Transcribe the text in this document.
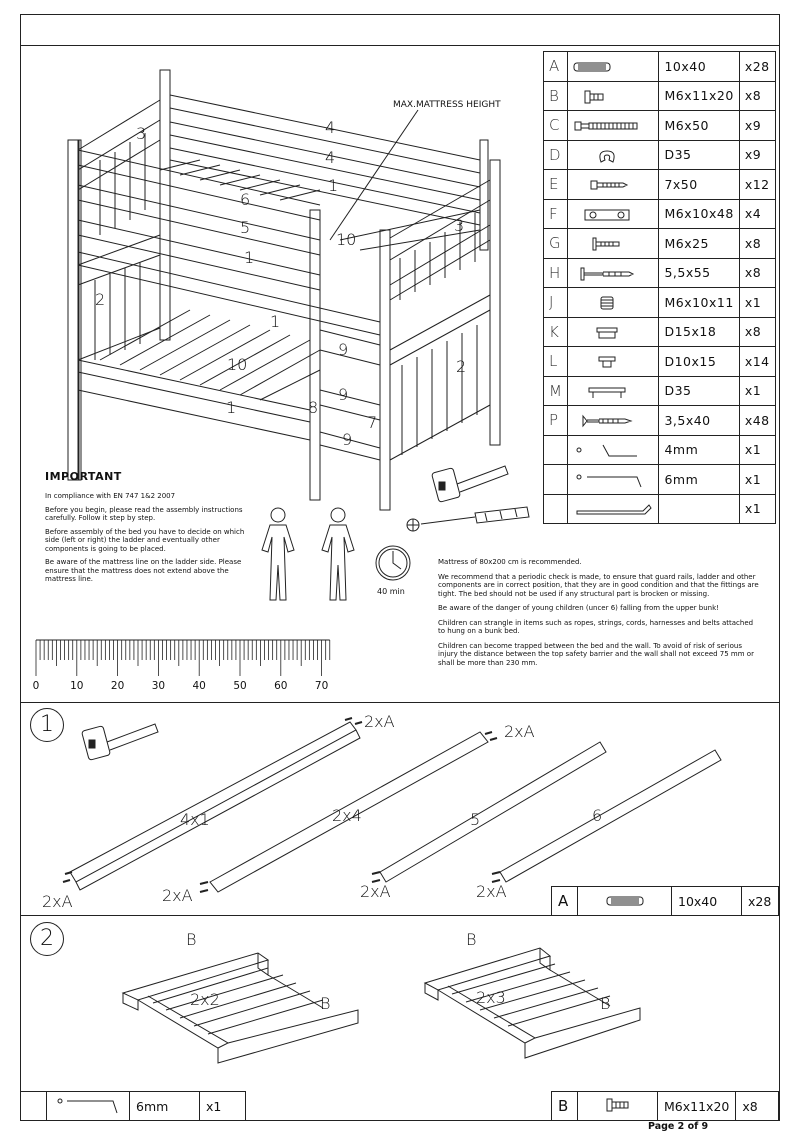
A		10x40	x28
B		M6x11x20	x8
C		M6x50	x9
D		D35	x9
E		7x50	x12
F		M6x10x48	x4
G		M6x25	x8
H		5,5x55	x8
J		M6x10x11	x1
K		D15x18	x8
L		D10x15	x14
M		D35	x1
P		3,5x40	x48
		4mm	x1
		6mm	x1
			x1
MAX.MATTRESS HEIGHT
4
4
3
3
1
6
5
10
1
2
1
9
10	2
9
1	8
7
9
40 min
IMPORTANT
In compliance with EN 747 1&2 2007
Before you begin, please read the assembly instructions carefully. Follow it step by step.
Before assembly of the bed you have to decide on which side (left or right) the ladder and eventually other components is going to be placed.
Be aware of the mattress line on the ladder side. Please ensure that the mattress does not extend above the mattress line.

Mattress of 80x200 cm is recommended.

We recommend that a periodic check is made, to ensure that guard rails, ladder and other components are in correct position, that they are in good condition and that the fittings are tight. The bed should not be used if any structural part is brocken or missing.

Be aware of the danger of young children (uncer 6) falling from the upper bunk!

Children can strangle in items such as ropes, strings, cords, harnesses and belts attached to hung on a bunk bed.

Children can become trapped between the bed and the wall. To avoid of risk of serious injury the distance between the top safety barrier and the wall shall not exceed 75 mm or shall be more than 230 mm.

0	10	20	30	40	50	60	70
1	2xA
2xA
2xA	2xA	2xA	2xA
4x1	2x4	5	6
A		10x40	x28
2	B
B
B
B
2x2	2x3
		6mm	x1	B		M6x11x20	x8
Page 2 of 9
